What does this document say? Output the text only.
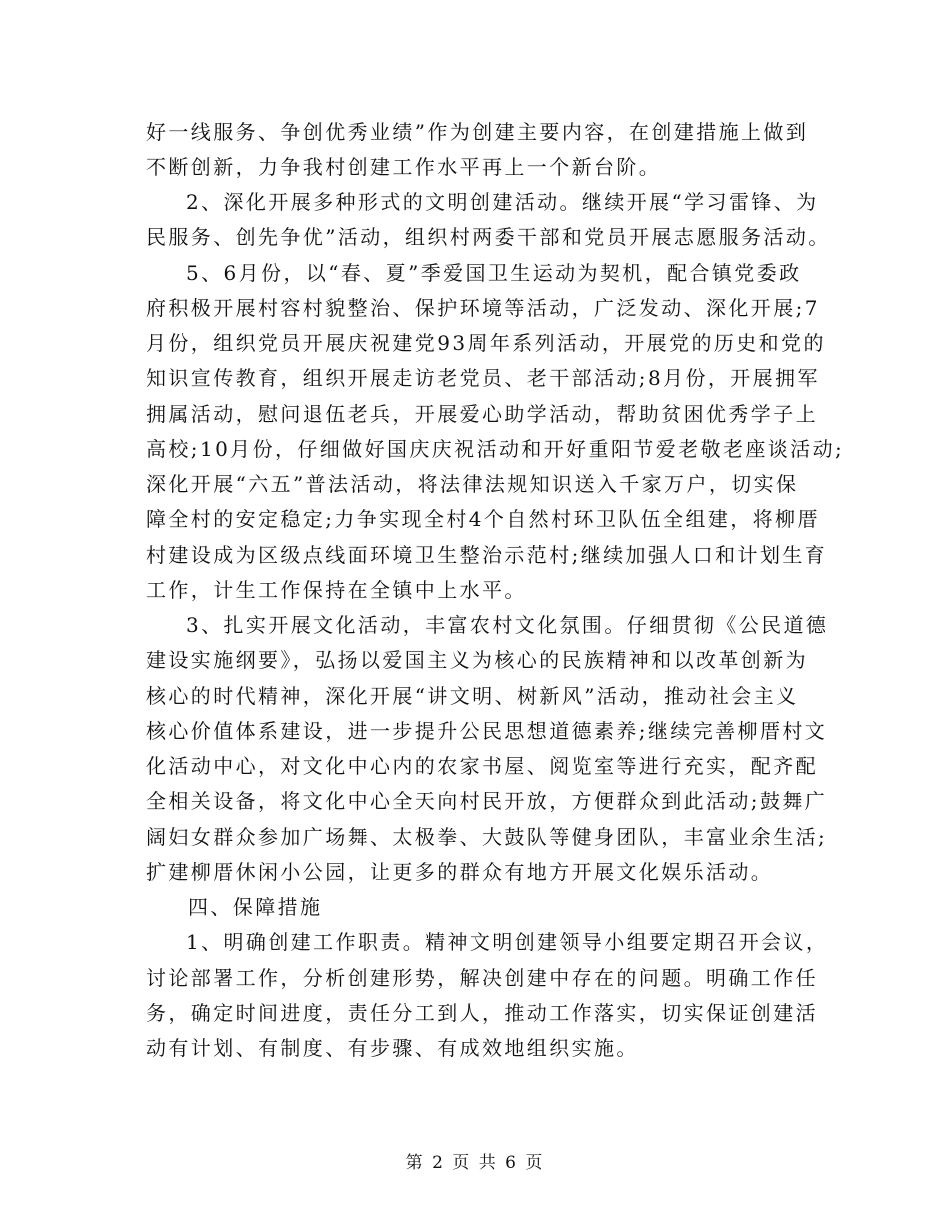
好一线服务、争创优秀业绩”作为创建主要内容，在创建措施上做到
不断创新，力争我村创建工作水平再上一个新台阶。
2、深化开展多种形式的文明创建活动。继续开展“学习雷锋、为
民服务、创先争优”活动，组织村两委干部和党员开展志愿服务活动。
5、6月份，以“春、夏”季爱国卫生运动为契机，配合镇党委政
府积极开展村容村貌整治、保护环境等活动，广泛发动、深化开展;7
月份，组织党员开展庆祝建党93周年系列活动，开展党的历史和党的
知识宣传教育，组织开展走访老党员、老干部活动;8月份，开展拥军
拥属活动，慰问退伍老兵，开展爱心助学活动，帮助贫困优秀学子上
高校;10月份，仔细做好国庆庆祝活动和开好重阳节爱老敬老座谈活动;
深化开展“六五”普法活动，将法律法规知识送入千家万户，切实保
障全村的安定稳定;力争实现全村4个自然村环卫队伍全组建，将柳厝
村建设成为区级点线面环境卫生整治示范村;继续加强人口和计划生育
工作，计生工作保持在全镇中上水平。
3、扎实开展文化活动，丰富农村文化氛围。仔细贯彻《公民道德
建设实施纲要》，弘扬以爱国主义为核心的民族精神和以改革创新为
核心的时代精神，深化开展“讲文明、树新风”活动，推动社会主义
核心价值体系建设，进一步提升公民思想道德素养;继续完善柳厝村文
化活动中心，对文化中心内的农家书屋、阅览室等进行充实，配齐配
全相关设备，将文化中心全天向村民开放，方便群众到此活动;鼓舞广
阔妇女群众参加广场舞、太极拳、大鼓队等健身团队，丰富业余生活;
扩建柳厝休闲小公园，让更多的群众有地方开展文化娱乐活动。
四、保障措施
1、明确创建工作职责。精神文明创建领导小组要定期召开会议，
讨论部署工作，分析创建形势，解决创建中存在的问题。明确工作任
务，确定时间进度，责任分工到人，推动工作落实，切实保证创建活
动有计划、有制度、有步骤、有成效地组织实施。
第 2 页 共 6 页
